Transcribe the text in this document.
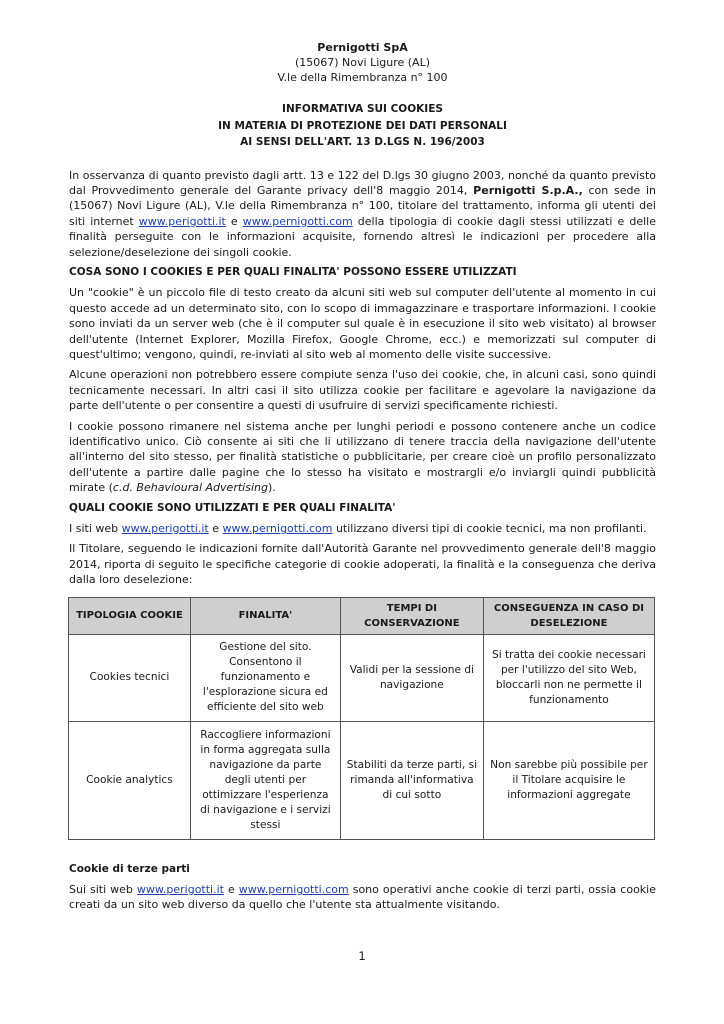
Pernigotti SpA
(15067) Novi Ligure (AL)
V.le della Rimembranza n° 100
INFORMATIVA SUI COOKIES
IN MATERIA DI PROTEZIONE DEI DATI PERSONALI
AI SENSI DELL'ART. 13 D.LGS N. 196/2003

In osservanza di quanto previsto dagli artt. 13 e 122 del D.lgs 30 giugno 2003, nonché da quanto previsto dal Provvedimento generale del Garante privacy dell'8 maggio 2014, Pernigotti S.p.A., con sede in (15067) Novi Ligure (AL), V.le della Rimembranza n° 100, titolare del trattamento, informa gli utenti dei siti internet www.perigotti.it e www.pernigotti.com della tipologia di cookie dagli stessi utilizzati e delle finalità perseguite con le informazioni acquisite, fornendo altresì le indicazioni per procedere alla selezione/deselezione dei singoli cookie.

COSA SONO I COOKIES E PER QUALI FINALITA' POSSONO ESSERE UTILIZZATI

Un "cookie" è un piccolo file di testo creato da alcuni siti web sul computer dell'utente al momento in cui questo accede ad un determinato sito, con lo scopo di immagazzinare e trasportare informazioni. I cookie sono inviati da un server web (che è il computer sul quale è in esecuzione il sito web visitato) al browser dell'utente (Internet Explorer, Mozilla Firefox, Google Chrome, ecc.) e memorizzati sul computer di quest'ultimo; vengono, quindi, re-inviati al sito web al momento delle visite successive.

Alcune operazioni non potrebbero essere compiute senza l'uso dei cookie, che, in alcuni casi, sono quindi tecnicamente necessari. In altri casi il sito utilizza cookie per facilitare e agevolare la navigazione da parte dell'utente o per consentire a questi di usufruire di servizi specificamente richiesti.

I cookie possono rimanere nel sistema anche per lunghi periodi e possono contenere anche un codice identificativo unico. Ciò consente ai siti che li utilizzano di tenere traccia della navigazione dell'utente all'interno del sito stesso, per finalità statistiche o pubblicitarie, per creare cioè un profilo personalizzato dell'utente a partire dalle pagine che lo stesso ha visitato e mostrargli e/o inviargli quindi pubblicità mirate (c.d. Behavioural Advertising).

QUALI COOKIE SONO UTILIZZATI E PER QUALI FINALITA'

I siti web www.perigotti.it e www.pernigotti.com utilizzano diversi tipi di cookie tecnici, ma non profilanti.

Il Titolare, seguendo le indicazioni fornite dall'Autorità Garante nel provvedimento generale dell'8 maggio 2014, riporta di seguito le specifiche categorie di cookie adoperati, la finalità e la conseguenza che deriva dalla loro deselezione:

TIPOLOGIA COOKIE	FINALITA'	TEMPI DI CONSERVAZIONE	CONSEGUENZA IN CASO DI DESELEZIONE
Cookies tecnici	Gestione del sito. Consentono il funzionamento e l'esplorazione sicura ed efficiente del sito web	Validi per la sessione di navigazione	Si tratta dei cookie necessari per l'utilizzo del sito Web, bloccarli non ne permette il funzionamento
Cookie analytics	Raccogliere informazioni in forma aggregata sulla navigazione da parte degli utenti per ottimizzare l'esperienza di navigazione e i servizi stessi	Stabiliti da terze parti, si rimanda all'informativa di cui sotto	Non sarebbe più possibile per il Titolare acquisire le informazioni aggregate

Cookie di terze parti

Sui siti web www.perigotti.it e www.pernigotti.com sono operativi anche cookie di terzi parti, ossia cookie creati da un sito web diverso da quello che l'utente sta attualmente visitando.

1
